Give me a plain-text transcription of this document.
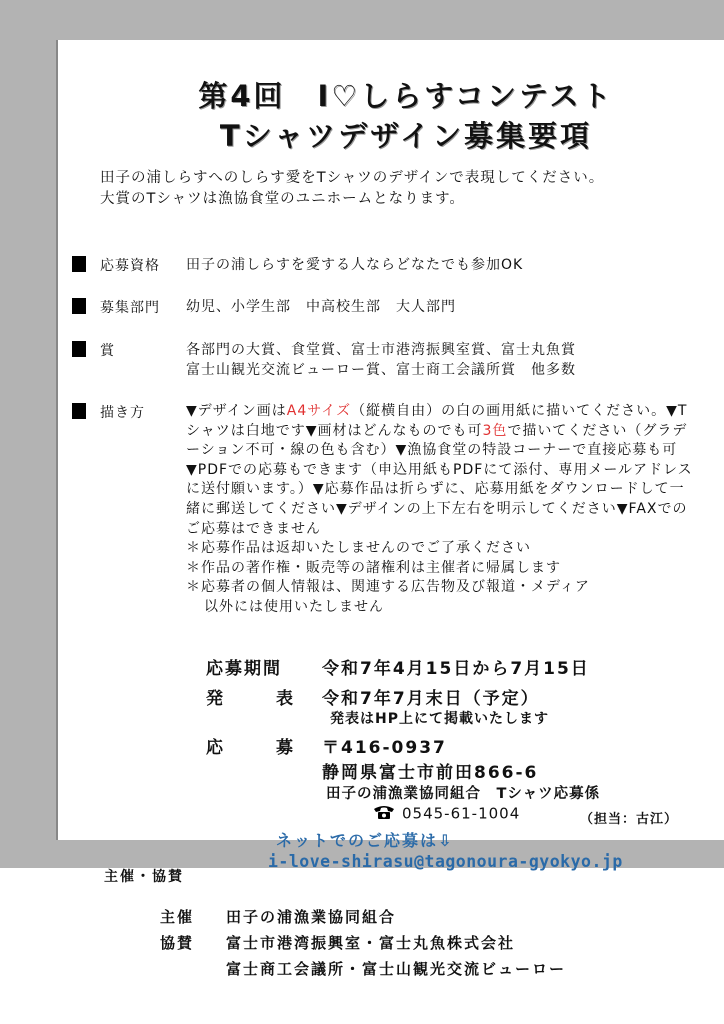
第4回　I♡しらすコンテスト
Tシャツデザイン募集要項
田子の浦しらすへのしらす愛をTシャツのデザインで表現してください。
大賞のTシャツは漁協食堂のユニホームとなります。
応募資格 田子の浦しらすを愛する人ならどなたでも参加OK
募集部門 幼児、小学生部　中高校生部　大人部門
賞	各部門の大賞、食堂賞、富士市港湾振興室賞、富士丸魚賞
富士山観光交流ビューロー賞、富士商工会議所賞　他多数
描き方	▼デザイン画はA4サイズ（縦横自由）の白の画用紙に描いてください。▼Tシャツは白地です▼画材はどんなものでも可3色で描いてください（グラデーション不可・線の色も含む）▼漁協食堂の特設コーナーで直接応募も可▼PDFでの応募もできます（申込用紙もPDFにて添付、専用メールアドレスに送付願います。）▼応募作品は折らずに、応募用紙をダウンロードして一緒に郵送してください▼デザインの上下左右を明示してください▼FAXでのご応募はできません
＊応募作品は返却いたしませんのでご了承ください
＊作品の著作権・販売等の諸権利は主催者に帰属します
＊応募者の個人情報は、関連する広告物及び報道・メディア
以外には使用いたしません
応募期間 令和7年4月15日から7月15日
発	表 令和7年7月末日（予定）
発表はHP上にて掲載いたします
応	募 〒416-0937
静岡県富士市前田866-6
田子の浦漁業協同組合　Tシャツ応募係
0545-61-1004	（担当：古江）
ネットでのご応募は⇩
i-love-shirasu@tagonoura-gyokyo.jp
主催・協賛
主催 田子の浦漁業協同組合
協賛 富士市港湾振興室・富士丸魚株式会社
富士商工会議所・富士山観光交流ビューロー
